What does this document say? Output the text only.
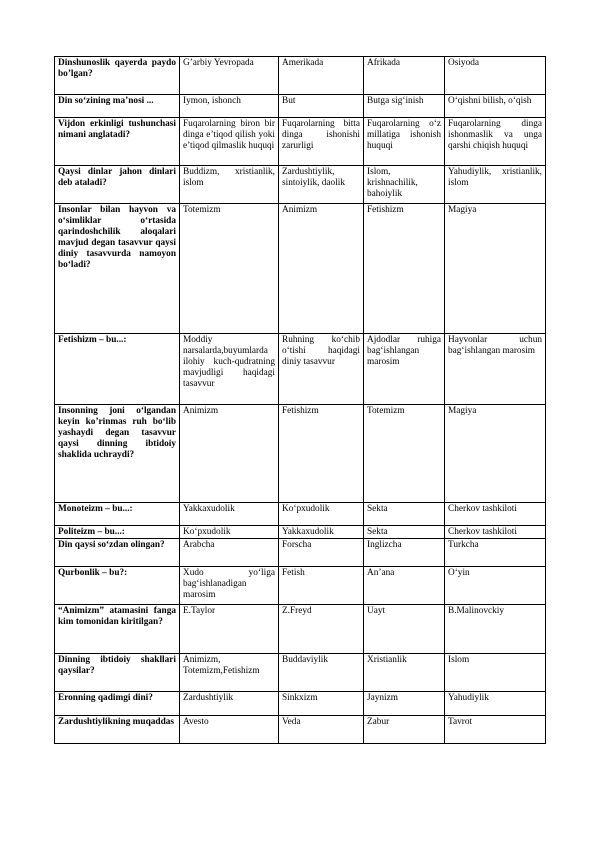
Dinshunoslik qayerda paydo bo’lgan?	G’arbiy Yevropada	Amerikada	Afrikada	Osiyoda
Din so‘zining ma’nosi ...	Iymon, ishonch	But	Butga sig‘inish	O‘qishni bilish, o‘qish
Vijdon erkinligi tushunchasi nimani anglatadi?	Fuqarolarning biron bir dinga e’tiqod qilish yoki e’tiqod qilmaslik huquqi	Fuqarolarning bitta dinga ishonishi zarurligi	Fuqarolarning o‘z millatiga ishonish huquqi	Fuqarolarning dinga ishonmaslik va unga qarshi chiqish huquqi
Qaysi dinlar jahon dinlari deb ataladi?	Buddizm, xristianlik, islom	Zardushtiylik, sintoiylik, daolik	Islom, krishnachilik, bahoiylik	Yahudiylik, xristianlik, islom
Insonlar bilan hayvon va o‘simliklar o‘rtasida qarindoshchilik aloqalari mavjud degan tasavvur qaysi diniy tasavvurda namoyon bo‘ladi?	Totemizm	Animizm	Fetishizm	Magiya
Fetishizm – bu...:	Moddiy narsalarda,buyumlarda ilohiy kuch-qudratning mavjudligi haqidagi tasavvur	Ruhning ko‘chib o‘tishi haqidagi diniy tasavvur	Ajdodlar ruhiga bag‘ishlangan marosim	Hayvonlar uchun bag‘ishlangan marosim
Insonning joni o‘lgandan keyin ko’rinmas ruh bo‘lib yashaydi degan tasavvur qaysi dinning ibtidoiy shaklida uchraydi?	Animizm	Fetishizm	Totemizm	Magiya
Monoteizm – bu...:	Yakkaxudolik	Ko‘pxudolik	Sekta	Cherkov tashkiloti
Politeizm – bu...:	Ko‘pxudolik	Yakkaxudolik	Sekta	Cherkov tashkiloti
Din qaysi so‘zdan olingan?	Arabcha	Forscha	Inglizcha	Turkcha
Qurbonlik – bu?:	Xudo yo‘liga bag‘ishlanadigan marosim	Fetish	An’ana	O‘yin
“Animizm” atamasini fanga kim tomonidan kiritilgan?	E.Taylor	Z.Freyd	Uayt	B.Malinovckiy
Dinning ibtidoiy shakllari qaysilar?	Animizm, Totemizm,Fetishizm	Buddaviylik	Xristianlik	Islom
Eronning qadimgi dini?	Zardushtiylik	Sinkxizm	Jaynizm	Yahudiylik
Zardushtiylikning muqaddas	Avesto	Veda	Zabur	Tavrot
